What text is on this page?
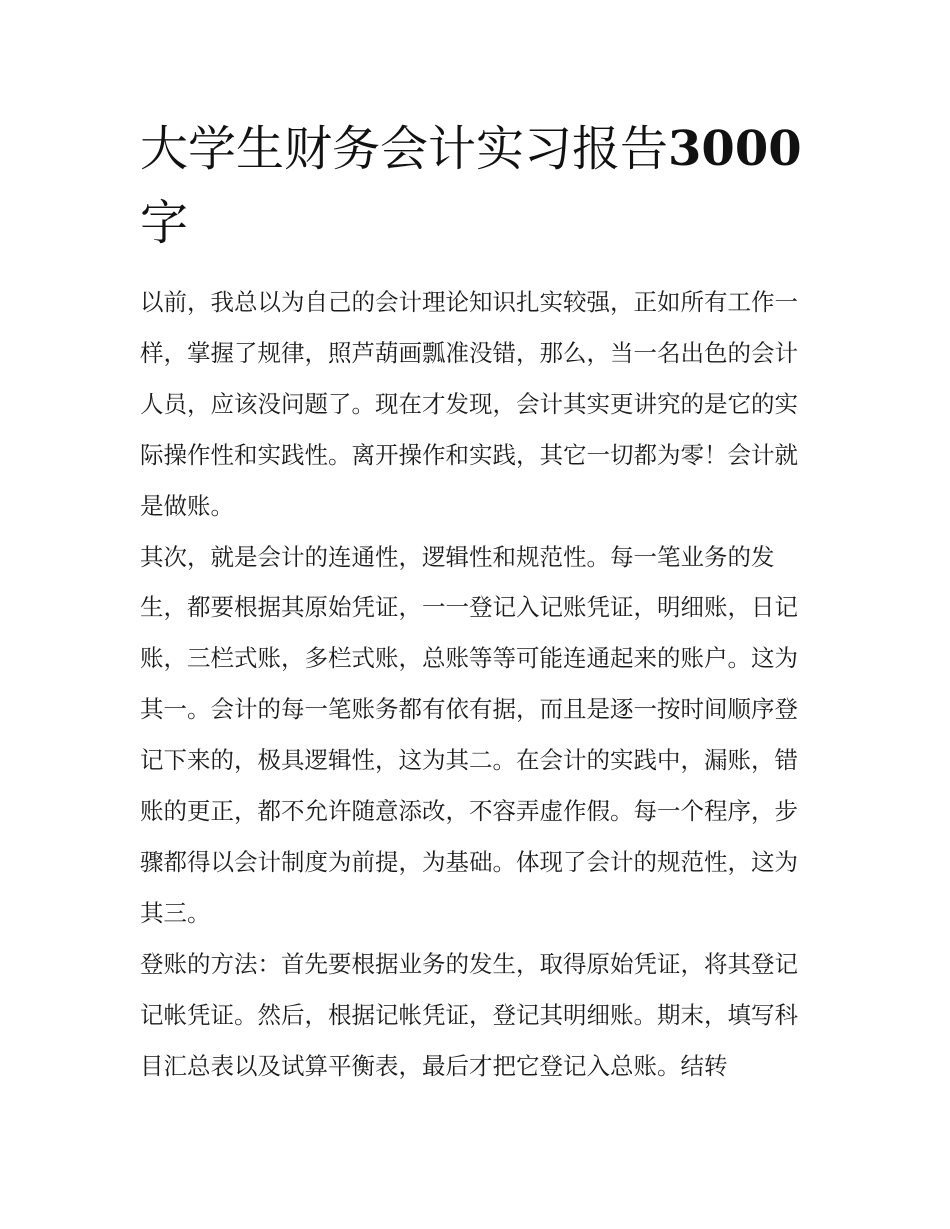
大学生财务会计实习报告3000字

以前，我总以为自己的会计理论知识扎实较强，正如所有工作一样，掌握了规律，照芦葫画瓢准没错，那么，当一名出色的会计人员，应该没问题了。现在才发现，会计其实更讲究的是它的实际操作性和实践性。离开操作和实践，其它一切都为零！会计就是做账。

其次，就是会计的连通性，逻辑性和规范性。每一笔业务的发生，都要根据其原始凭证，一一登记入记账凭证，明细账，日记账，三栏式账，多栏式账，总账等等可能连通起来的账户。这为其一。会计的每一笔账务都有依有据，而且是逐一按时间顺序登记下来的，极具逻辑性，这为其二。在会计的实践中，漏账，错账的更正，都不允许随意添改，不容弄虚作假。每一个程序，步骤都得以会计制度为前提，为基础。体现了会计的规范性，这为其三。

登账的方法：首先要根据业务的发生，取得原始凭证，将其登记记帐凭证。然后，根据记帐凭证，登记其明细账。期末，填写科目汇总表以及试算平衡表，最后才把它登记入总账。结转
